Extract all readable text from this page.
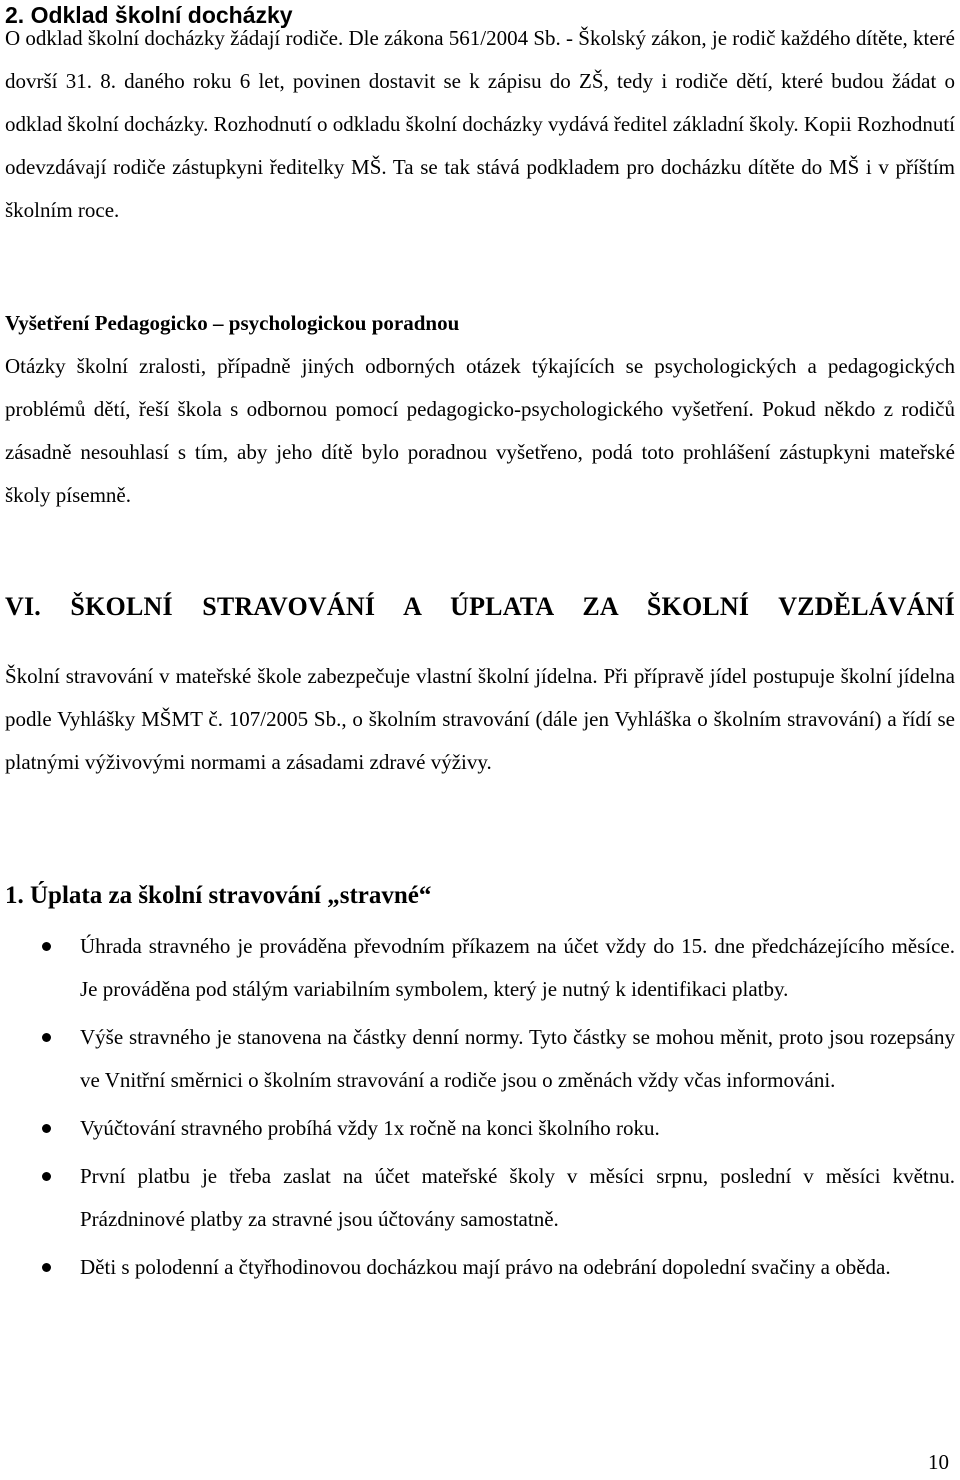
2. Odklad školní docházky

O odklad školní docházky žádají rodiče. Dle zákona 561/2004 Sb. - Školský zákon, je rodič každého dítěte, které dovrší 31. 8. daného roku 6 let, povinen dostavit se k zápisu do ZŠ, tedy i rodiče dětí, které budou žádat o odklad školní docházky. Rozhodnutí o odkladu školní docházky vydává ředitel základní školy. Kopii Rozhodnutí odevzdávají rodiče zástupkyni ředitelky MŠ. Ta se tak stává podkladem pro docházku dítěte do MŠ i v příštím školním roce.

Vyšetření Pedagogicko – psychologickou poradnou

Otázky školní zralosti, případně jiných odborných otázek týkajících se psychologických a pedagogických problémů dětí, řeší škola s odbornou pomocí pedagogicko-psychologického vyšetření. Pokud někdo z rodičů zásadně nesouhlasí s tím, aby jeho dítě bylo poradnou vyšetřeno, podá toto prohlášení zástupkyni mateřské školy písemně.

VI. ŠKOLNÍ STRAVOVÁNÍ A ÚPLATA ZA ŠKOLNÍ VZDĚLÁVÁNÍ

Školní stravování v mateřské škole zabezpečuje vlastní školní jídelna. Při přípravě jídel postupuje školní jídelna podle Vyhlášky MŠMT č. 107/2005 Sb., o školním stravování (dále jen Vyhláška o školním stravování) a řídí se platnými výživovými normami a zásadami zdravé výživy.

1. Úplata za školní stravování „stravné“
Úhrada stravného je prováděna převodním příkazem na účet vždy do 15. dne předcházejícího měsíce. Je prováděna pod stálým variabilním symbolem, který je nutný k identifikaci platby.
Výše stravného je stanovena na částky denní normy. Tyto částky se mohou měnit, proto jsou rozepsány ve Vnitřní směrnici o školním stravování a rodiče jsou o změnách vždy včas informováni.
Vyúčtování stravného probíhá vždy 1x ročně na konci školního roku.
První platbu je třeba zaslat na účet mateřské školy v měsíci srpnu, poslední v měsíci květnu. Prázdninové platby za stravné jsou účtovány samostatně.
Děti s polodenní a čtyřhodinovou docházkou mají právo na odebrání dopolední svačiny a oběda.
10
